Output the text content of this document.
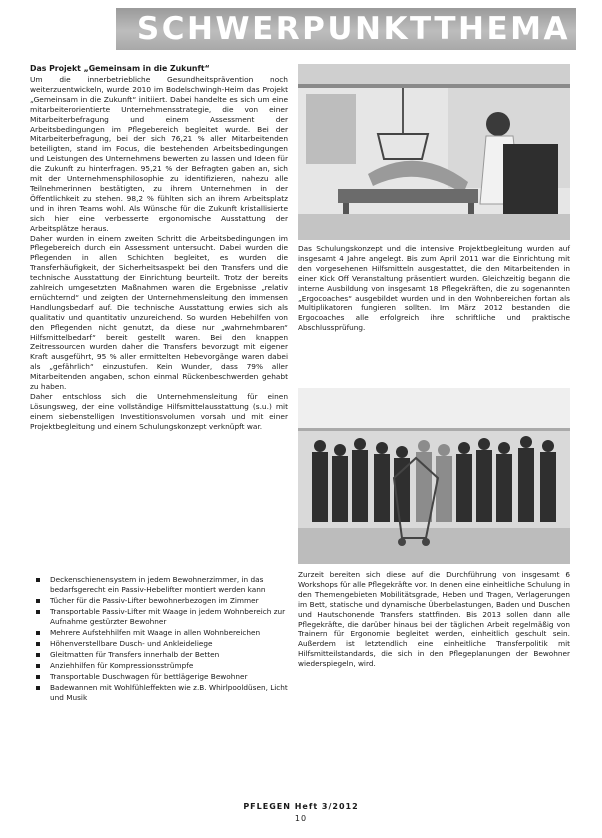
SCHWERPUNKTTHEMA
Das Projekt „Gemeinsam in die Zukunft“

Um die innerbetriebliche Gesundheitsprävention noch weiterzuentwickeln, wurde 2010 im Bodelschwingh-Heim das Projekt „Gemeinsam in die Zukunft“ initiiert. Dabei handelte es sich um eine mitarbeiterorientierte Unternehmensstrategie, die von einer Mitarbeiterbefragung und einem Assessment der Arbeitsbedingungen im Pflegebereich begleitet wurde. Bei der Mitarbeiterbefragung, bei der sich 76,21 % aller Mitarbeitenden beteiligten, stand im Focus, die bestehenden Arbeitsbedingungen und Leistungen des Unternehmens bewerten zu lassen und Ideen für die Zukunft zu hinterfragen. 95,21 % der Befragten gaben an, sich mit der Unternehmensphilosophie zu identifizieren, nahezu alle Teilnehmerinnen bestätigten, zu ihrem Unternehmen in der Öffentlichkeit zu stehen. 98,2 % fühlten sich an ihrem Arbeitsplatz und in ihren Teams wohl. Als Wünsche für die Zukunft kristallisierte sich hier eine verbesserte ergonomische Ausstattung der Arbeitsplätze heraus.

Daher wurden in einem zweiten Schritt die Arbeitsbedingungen im Pflegebereich durch ein Assessment untersucht. Dabei wurden die Pflegenden in allen Schichten begleitet, es wurden die Transferhäufigkeit, der Sicherheitsaspekt bei den Transfers und die technische Ausstattung der Einrichtung beurteilt. Trotz der bereits zahlreich umgesetzten Maßnahmen waren die Ergebnisse „relativ ernüchternd“ und zeigten der Unternehmensleitung den immensen Handlungsbedarf auf. Die technische Ausstattung erwies sich als qualitativ und quantitativ unzureichend. So wurden Hebehilfen von den Pflegenden nicht genutzt, da diese nur „wahrnehmbaren“ Hilfsmittelbedarf“ bereit gestellt waren. Bei den knappen Zeitressourcen wurden daher die Transfers bevorzugt mit eigener Kraft ausgeführt, 95 % aller ermittelten Hebevorgänge waren dabei als „gefährlich“ einzustufen. Kein Wunder, dass 79% aller Mitarbeitenden angaben, schon einmal Rückenbeschwerden gehabt zu haben.

Daher entschloss sich die Unternehmensleitung für einen Lösungsweg, der eine vollständige Hilfsmittelausstattung (s.u.) mit einem siebenstelligen Investitionsvolumen vorsah und mit einer Projektbegleitung und einem Schulungskonzept verknüpft war.

Deckenschienensystem in jedem Bewohnerzimmer, in das bedarfsgerecht ein Passiv-Hebelifter montiert werden kann
Tücher für die Passiv-Lifter bewohnerbezogen im Zimmer
Transportable Passiv-Lifter mit Waage in jedem Wohnbereich zur Aufnahme gestürzter Bewohner
Mehrere Aufstehhilfen mit Waage in allen Wohnbereichen
Höhenverstellbare Dusch- und Ankleideliege
Gleitmatten für Transfers innerhalb der Betten
Anziehhilfen für Kompressionsstrümpfe
Transportable Duschwagen für bettlägerige Bewohner
Badewannen mit Wohlfühleffekten wie z.B. Whirlpooldüsen, Licht und Musik

Das Schulungskonzept und die intensive Projektbegleitung wurden auf insgesamt 4 Jahre angelegt. Bis zum April 2011 war die Einrichtung mit den vorgesehenen Hilfsmitteln ausgestattet, die den Mitarbeitenden in einer Kick Off Veranstaltung präsentiert wurden. Gleichzeitig begann die interne Ausbildung von insgesamt 18 Pflegekräften, die zu sogenannten „Ergocoaches“ ausgebildet wurden und in den Wohnbereichen fortan als Multiplikatoren fungieren sollten. Im März 2012 bestanden die Ergocoaches alle erfolgreich ihre schriftliche und praktische Abschlussprüfung.

Zurzeit bereiten sich diese auf die Durchführung von insgesamt 6 Workshops für alle Pflegekräfte vor. In denen eine einheitliche Schulung in den Themengebieten Mobilitätsgrade, Heben und Tragen, Verlagerungen im Bett, statische und dynamische Überbelastungen, Baden und Duschen und Hautschonende Transfers stattfinden. Bis 2013 sollen dann alle Pflegekräfte, die darüber hinaus bei der täglichen Arbeit regelmäßig von Trainern für Ergonomie begleitet werden, einheitlich geschult sein. Außerdem ist letztendlich eine einheitliche Transferpolitik mit Hilfsmitteilstandards, die sich in den Pflegeplanungen der Bewohner wiederspiegeln, wird.

PFLEGEN Heft 3/2012
10
